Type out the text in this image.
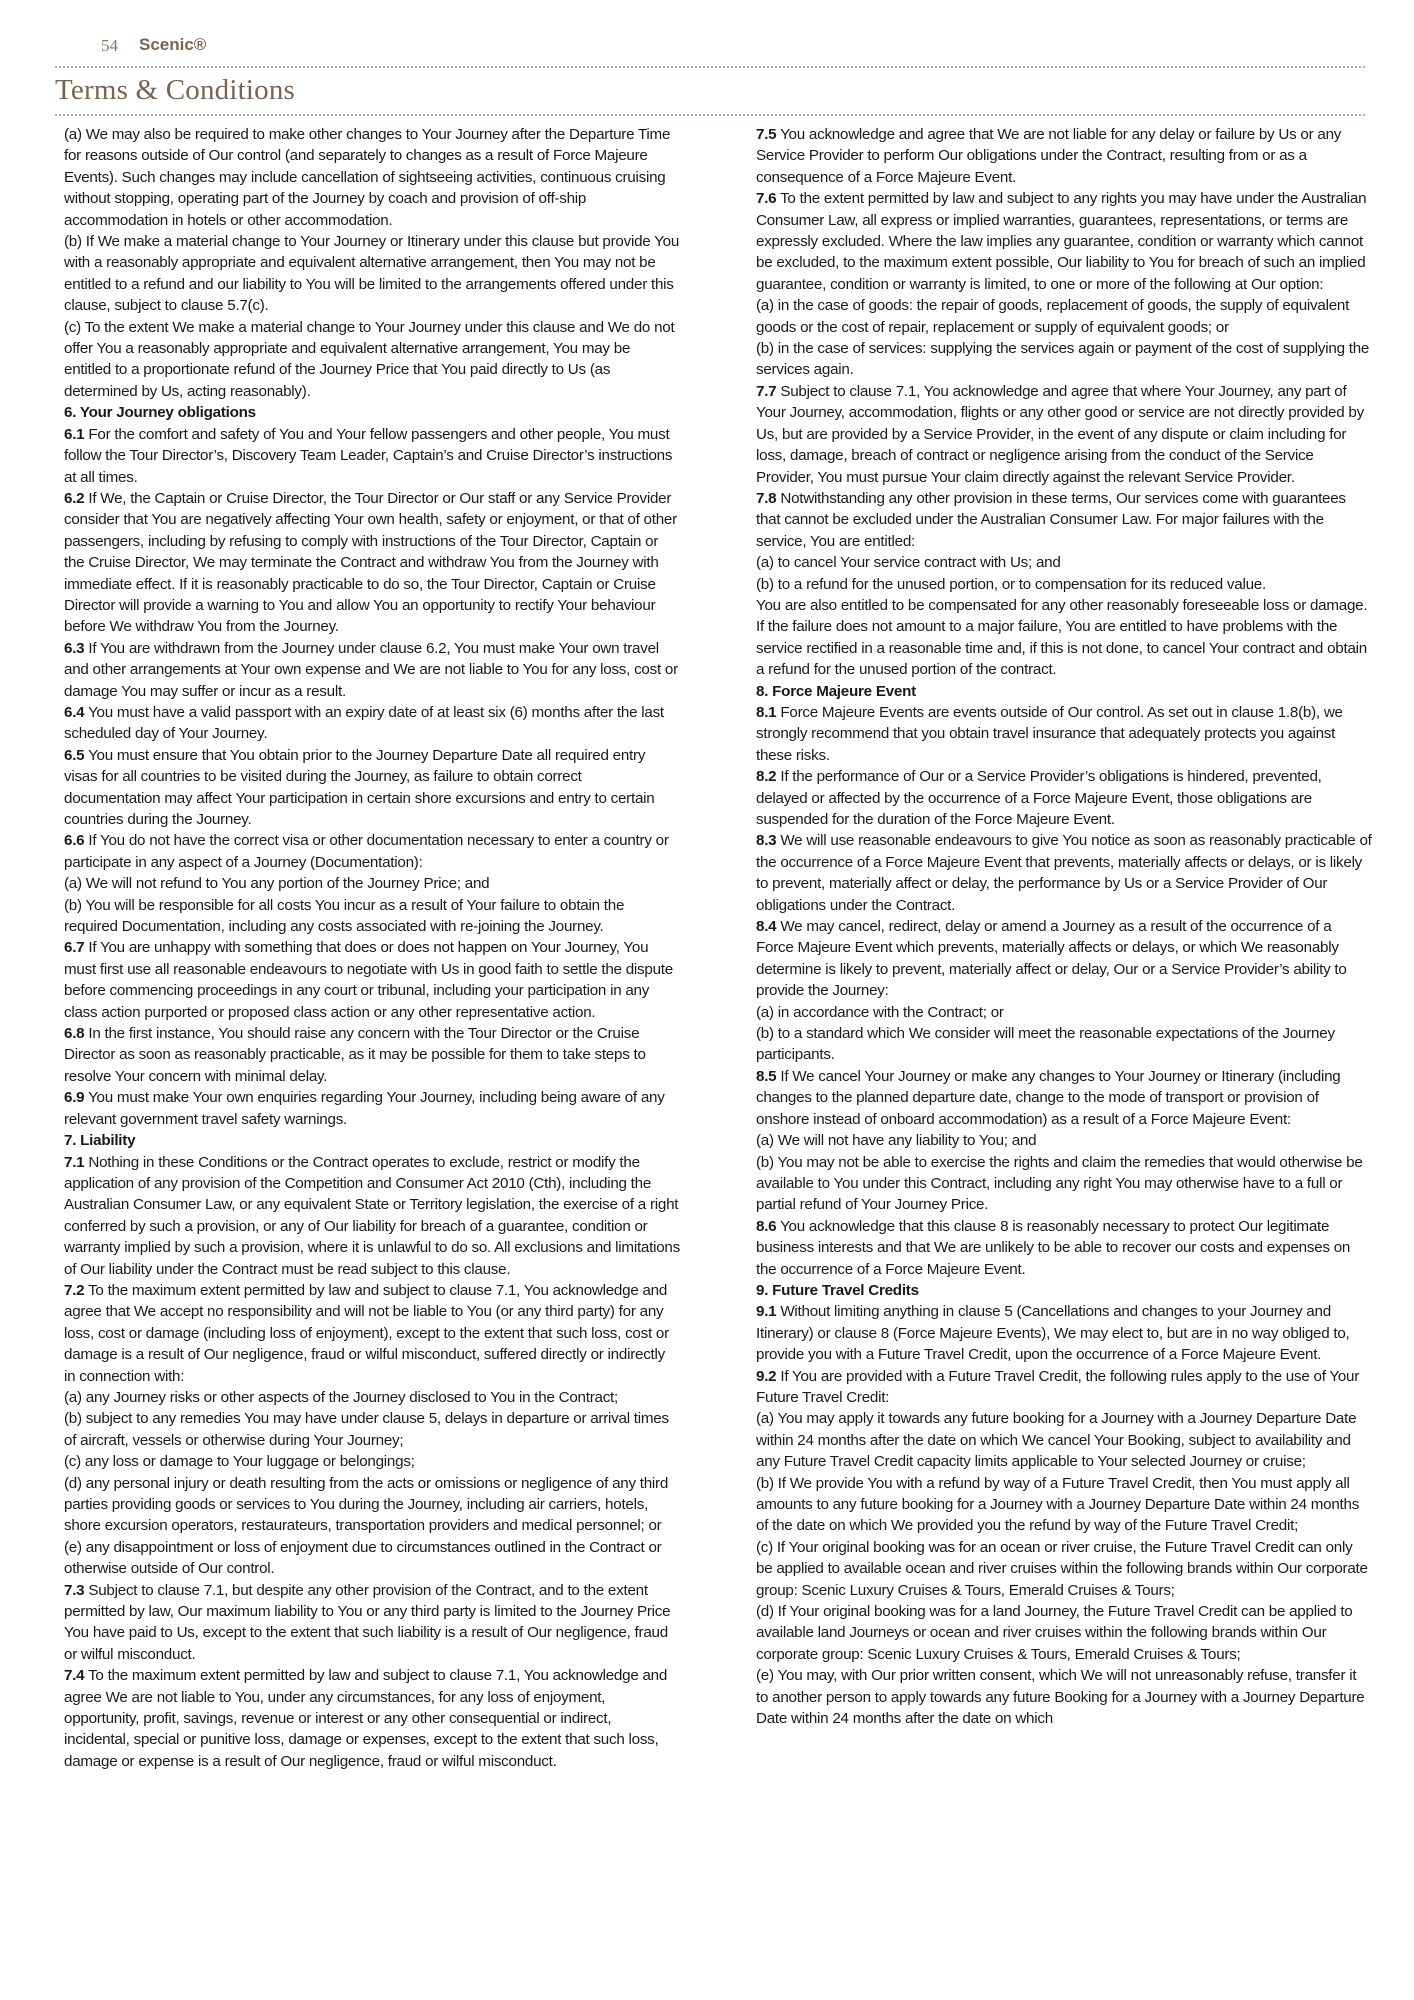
54 Scenic®
Terms & Conditions

(a) We may also be required to make other changes to Your Journey after the Departure Time for reasons outside of Our control (and separately to changes as a result of Force Majeure Events). Such changes may include cancellation of sightseeing activities, continuous cruising without stopping, operating part of the Journey by coach and provision of off-ship accommodation in hotels or other accommodation.

(b) If We make a material change to Your Journey or Itinerary under this clause but provide You with a reasonably appropriate and equivalent alternative arrangement, then You may not be entitled to a refund and our liability to You will be limited to the arrangements offered under this clause, subject to clause 5.7(c).

(c) To the extent We make a material change to Your Journey under this clause and We do not offer You a reasonably appropriate and equivalent alternative arrangement, You may be entitled to a proportionate refund of the Journey Price that You paid directly to Us (as determined by Us, acting reasonably).

6. Your Journey obligations

6.1 For the comfort and safety of You and Your fellow passengers and other people, You must follow the Tour Director’s, Discovery Team Leader, Captain’s and Cruise Director’s instructions at all times.

6.2 If We, the Captain or Cruise Director, the Tour Director or Our staff or any Service Provider consider that You are negatively affecting Your own health, safety or enjoyment, or that of other passengers, including by refusing to comply with instructions of the Tour Director, Captain or the Cruise Director, We may terminate the Contract and withdraw You from the Journey with immediate effect. If it is reasonably practicable to do so, the Tour Director, Captain or Cruise Director will provide a warning to You and allow You an opportunity to rectify Your behaviour before We withdraw You from the Journey.

6.3 If You are withdrawn from the Journey under clause 6.2, You must make Your own travel and other arrangements at Your own expense and We are not liable to You for any loss, cost or damage You may suffer or incur as a result.

6.4 You must have a valid passport with an expiry date of at least six (6) months after the last scheduled day of Your Journey.

6.5 You must ensure that You obtain prior to the Journey Departure Date all required entry visas for all countries to be visited during the Journey, as failure to obtain correct documentation may affect Your participation in certain shore excursions and entry to certain countries during the Journey.

6.6 If You do not have the correct visa or other documentation necessary to enter a country or participate in any aspect of a Journey (Documentation):

(a) We will not refund to You any portion of the Journey Price; and

(b) You will be responsible for all costs You incur as a result of Your failure to obtain the required Documentation, including any costs associated with re-joining the Journey.

6.7 If You are unhappy with something that does or does not happen on Your Journey, You must first use all reasonable endeavours to negotiate with Us in good faith to settle the dispute before commencing proceedings in any court or tribunal, including your participation in any class action purported or proposed class action or any other representative action.

6.8 In the first instance, You should raise any concern with the Tour Director or the Cruise Director as soon as reasonably practicable, as it may be possible for them to take steps to resolve Your concern with minimal delay.

6.9 You must make Your own enquiries regarding Your Journey, including being aware of any relevant government travel safety warnings.

7. Liability

7.1 Nothing in these Conditions or the Contract operates to exclude, restrict or modify the application of any provision of the Competition and Consumer Act 2010 (Cth), including the Australian Consumer Law, or any equivalent State or Territory legislation, the exercise of a right conferred by such a provision, or any of Our liability for breach of a guarantee, condition or warranty implied by such a provision, where it is unlawful to do so. All exclusions and limitations of Our liability under the Contract must be read subject to this clause.

7.2 To the maximum extent permitted by law and subject to clause 7.1, You acknowledge and agree that We accept no responsibility and will not be liable to You (or any third party) for any loss, cost or damage (including loss of enjoyment), except to the extent that such loss, cost or damage is a result of Our negligence, fraud or wilful misconduct, suffered directly or indirectly in connection with:

(a) any Journey risks or other aspects of the Journey disclosed to You in the Contract;

(b) subject to any remedies You may have under clause 5, delays in departure or arrival times of aircraft, vessels or otherwise during Your Journey;

(c) any loss or damage to Your luggage or belongings;

(d) any personal injury or death resulting from the acts or omissions or negligence of any third parties providing goods or services to You during the Journey, including air carriers, hotels, shore excursion operators, restaurateurs, transportation providers and medical personnel; or

(e) any disappointment or loss of enjoyment due to circumstances outlined in the Contract or otherwise outside of Our control.

7.3 Subject to clause 7.1, but despite any other provision of the Contract, and to the extent permitted by law, Our maximum liability to You or any third party is limited to the Journey Price You have paid to Us, except to the extent that such liability is a result of Our negligence, fraud or wilful misconduct.

7.4 To the maximum extent permitted by law and subject to clause 7.1, You acknowledge and agree We are not liable to You, under any circumstances, for any loss of enjoyment, opportunity, profit, savings, revenue or interest or any other consequential or indirect, incidental, special or punitive loss, damage or expenses, except to the extent that such loss, damage or expense is a result of Our negligence, fraud or wilful misconduct.

7.5 You acknowledge and agree that We are not liable for any delay or failure by Us or any Service Provider to perform Our obligations under the Contract, resulting from or as a consequence of a Force Majeure Event.

7.6 To the extent permitted by law and subject to any rights you may have under the Australian Consumer Law, all express or implied warranties, guarantees, representations, or terms are expressly excluded. Where the law implies any guarantee, condition or warranty which cannot be excluded, to the maximum extent possible, Our liability to You for breach of such an implied guarantee, condition or warranty is limited, to one or more of the following at Our option:

(a) in the case of goods: the repair of goods, replacement of goods, the supply of equivalent goods or the cost of repair, replacement or supply of equivalent goods; or

(b) in the case of services: supplying the services again or payment of the cost of supplying the services again.

7.7 Subject to clause 7.1, You acknowledge and agree that where Your Journey, any part of Your Journey, accommodation, flights or any other good or service are not directly provided by Us, but are provided by a Service Provider, in the event of any dispute or claim including for loss, damage, breach of contract or negligence arising from the conduct of the Service Provider, You must pursue Your claim directly against the relevant Service Provider.

7.8 Notwithstanding any other provision in these terms, Our services come with guarantees that cannot be excluded under the Australian Consumer Law. For major failures with the service, You are entitled:

(a) to cancel Your service contract with Us; and

(b) to a refund for the unused portion, or to compensation for its reduced value.

You are also entitled to be compensated for any other reasonably foreseeable loss or damage. If the failure does not amount to a major failure, You are entitled to have problems with the service rectified in a reasonable time and, if this is not done, to cancel Your contract and obtain a refund for the unused portion of the contract.

8. Force Majeure Event

8.1 Force Majeure Events are events outside of Our control. As set out in clause 1.8(b), we strongly recommend that you obtain travel insurance that adequately protects you against these risks.

8.2 If the performance of Our or a Service Provider’s obligations is hindered, prevented, delayed or affected by the occurrence of a Force Majeure Event, those obligations are suspended for the duration of the Force Majeure Event.

8.3 We will use reasonable endeavours to give You notice as soon as reasonably practicable of the occurrence of a Force Majeure Event that prevents, materially affects or delays, or is likely to prevent, materially affect or delay, the performance by Us or a Service Provider of Our obligations under the Contract.

8.4 We may cancel, redirect, delay or amend a Journey as a result of the occurrence of a Force Majeure Event which prevents, materially affects or delays, or which We reasonably determine is likely to prevent, materially affect or delay, Our or a Service Provider’s ability to provide the Journey:

(a) in accordance with the Contract; or

(b) to a standard which We consider will meet the reasonable expectations of the Journey participants.

8.5 If We cancel Your Journey or make any changes to Your Journey or Itinerary (including changes to the planned departure date, change to the mode of transport or provision of onshore instead of onboard accommodation) as a result of a Force Majeure Event:

(a) We will not have any liability to You; and

(b) You may not be able to exercise the rights and claim the remedies that would otherwise be available to You under this Contract, including any right You may otherwise have to a full or partial refund of Your Journey Price.

8.6 You acknowledge that this clause 8 is reasonably necessary to protect Our legitimate business interests and that We are unlikely to be able to recover our costs and expenses on the occurrence of a Force Majeure Event.

9. Future Travel Credits

9.1 Without limiting anything in clause 5 (Cancellations and changes to your Journey and Itinerary) or clause 8 (Force Majeure Events), We may elect to, but are in no way obliged to, provide you with a Future Travel Credit, upon the occurrence of a Force Majeure Event.

9.2 If You are provided with a Future Travel Credit, the following rules apply to the use of Your Future Travel Credit:

(a) You may apply it towards any future booking for a Journey with a Journey Departure Date within 24 months after the date on which We cancel Your Booking, subject to availability and any Future Travel Credit capacity limits applicable to Your selected Journey or cruise;

(b) If We provide You with a refund by way of a Future Travel Credit, then You must apply all amounts to any future booking for a Journey with a Journey Departure Date within 24 months of the date on which We provided you the refund by way of the Future Travel Credit;

(c) If Your original booking was for an ocean or river cruise, the Future Travel Credit can only be applied to available ocean and river cruises within the following brands within Our corporate group: Scenic Luxury Cruises & Tours, Emerald Cruises & Tours;

(d) If Your original booking was for a land Journey, the Future Travel Credit can be applied to available land Journeys or ocean and river cruises within the following brands within Our corporate group: Scenic Luxury Cruises & Tours, Emerald Cruises & Tours;

(e) You may, with Our prior written consent, which We will not unreasonably refuse, transfer it to another person to apply towards any future Booking for a Journey with a Journey Departure Date within 24 months after the date on which
